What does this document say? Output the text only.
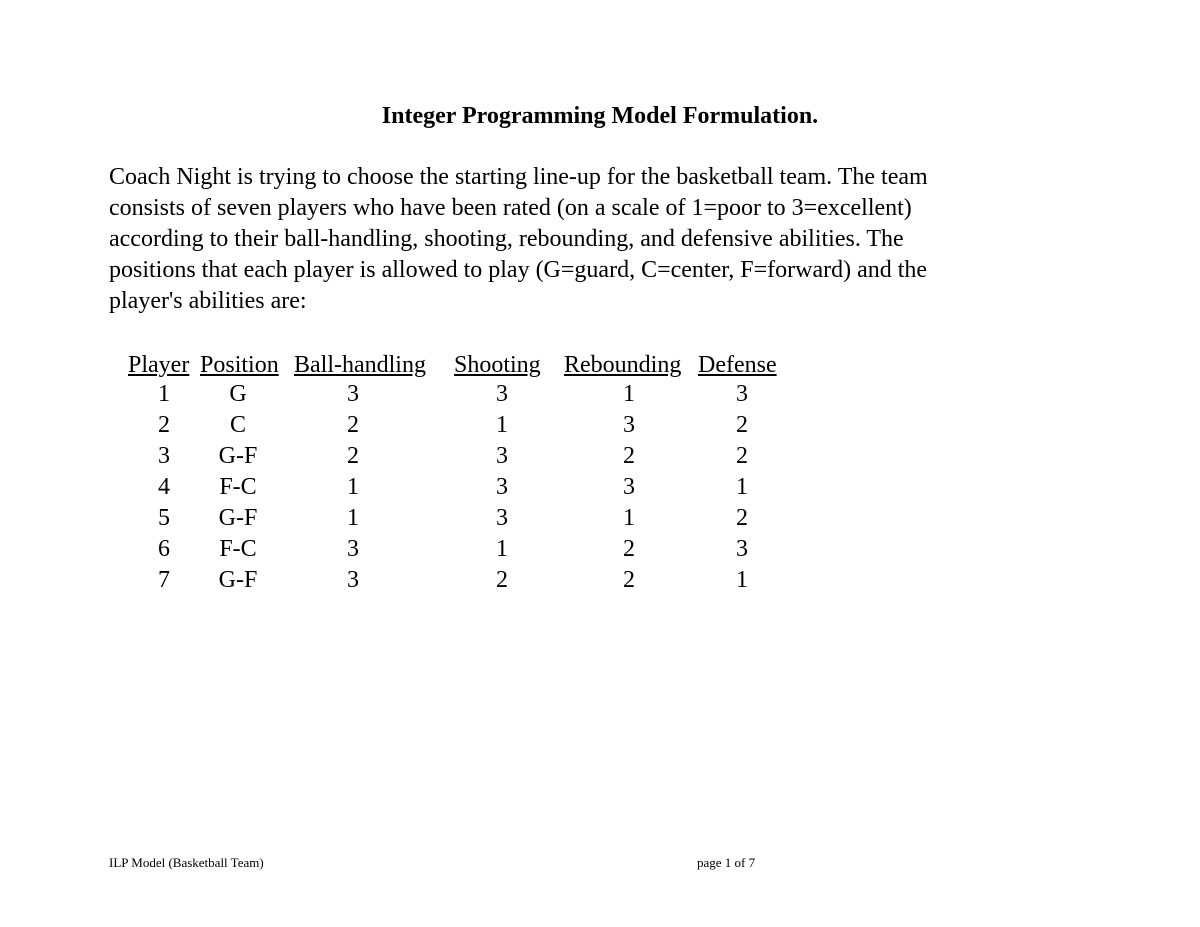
Integer Programming Model Formulation.

Coach Night is trying to choose the starting line-up for the basketball team. The team
consists of seven players who have been rated (on a scale of 1=poor to 3=excellent)
according to their ball-handling, shooting, rebounding, and defensive abilities. The
positions that each player is allowed to play (G=guard, C=center, F=forward) and the
player's abilities are:

Player	Position	Ball-handling	Shooting	Rebounding	Defense
1	G	3	3	1	3
2	C	2	1	3	2
3	G-F	2	3	2	2
4	F-C	1	3	3	1
5	G-F	1	3	1	2
6	F-C	3	1	2	3
7	G-F	3	2	2	1
ILP Model (Basketball Team)	page 1 of 7
